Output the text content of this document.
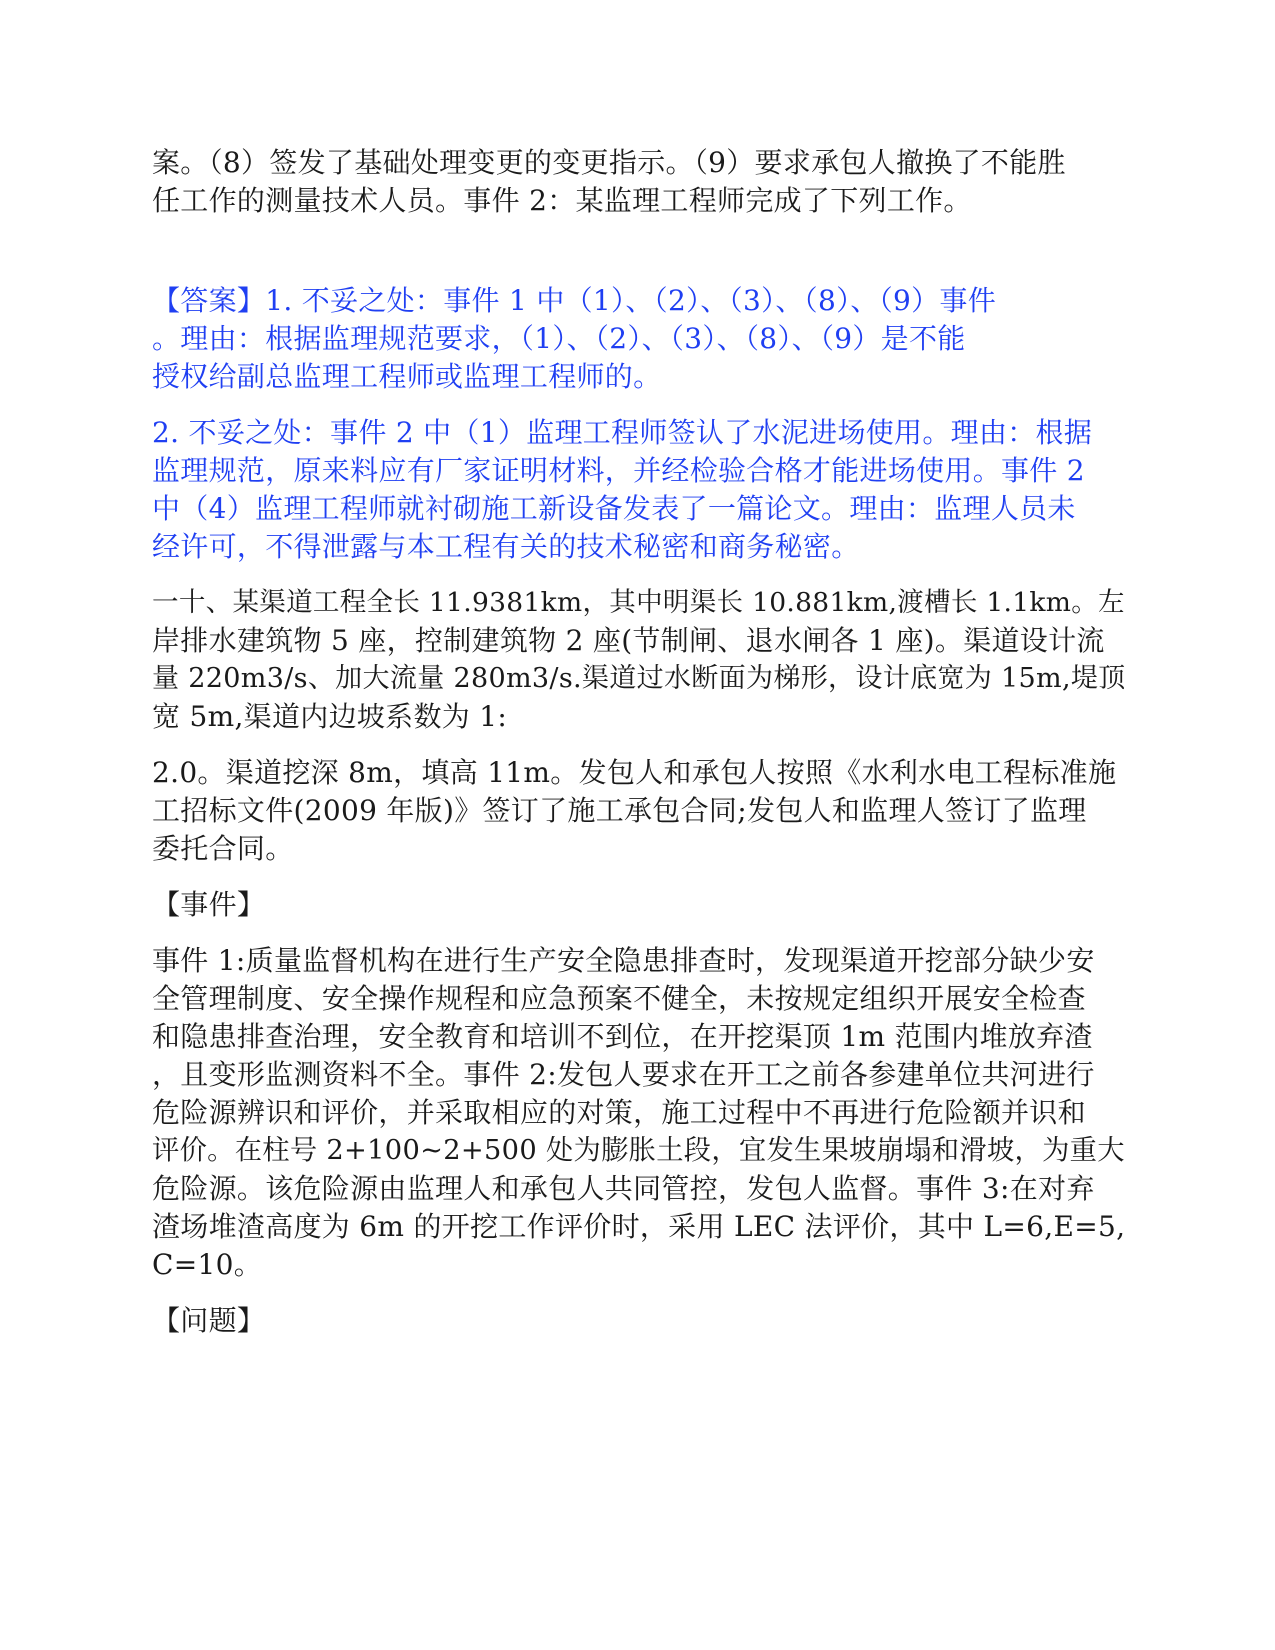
案。（8）签发了基础处理变更的变更指示。（9）要求承包人撤换了不能胜
任工作的测量技术人员。事件 2：某监理工程师完成了下列工作。
【答案】1. 不妥之处：事件 1 中（1）、（2）、（3）、（8）、（9）事件
。理由：根据监理规范要求，（1）、（2）、（3）、（8）、（9）是不能
授权给副总监理工程师或监理工程师的。
2. 不妥之处：事件 2 中（1）监理工程师签认了水泥进场使用。理由：根据
监理规范，原来料应有厂家证明材料，并经检验合格才能进场使用。事件 2
中（4）监理工程师就衬砌施工新设备发表了一篇论文。理由：监理人员未
经许可，不得泄露与本工程有关的技术秘密和商务秘密。
一十、某渠道工程全长 11.9381km，其中明渠长 10.881km,渡槽长 1.1km。左
岸排水建筑物 5 座，控制建筑物 2 座(节制闸、退水闸各 1 座)。渠道设计流
量 220m3/s、加大流量 280m3/s.渠道过水断面为梯形，设计底宽为 15m,堤顶
宽 5m,渠道内边坡系数为 1:
2.0。渠道挖深 8m，填高 11m。发包人和承包人按照《水利水电工程标准施
工招标文件(2009 年版)》签订了施工承包合同;发包人和监理人签订了监理
委托合同。
【事件】
事件 1:质量监督机构在进行生产安全隐患排查时，发现渠道开挖部分缺少安
全管理制度、安全操作规程和应急预案不健全，未按规定组织开展安全检查
和隐患排查治理，安全教育和培训不到位，在开挖渠顶 1m 范围内堆放弃渣
，且变形监测资料不全。事件 2:发包人要求在开工之前各参建单位共河进行
危险源辨识和评价，并采取相应的对策，施工过程中不再进行危险额并识和
评价。在柱号 2+100~2+500 处为膨胀土段，宜发生果坡崩塌和滑坡，为重大
危险源。该危险源由监理人和承包人共同管控，发包人监督。事件 3:在对弃
渣场堆渣高度为 6m 的开挖工作评价时，采用 LEC 法评价，其中 L=6,E=5,
C=10。
【问题】
